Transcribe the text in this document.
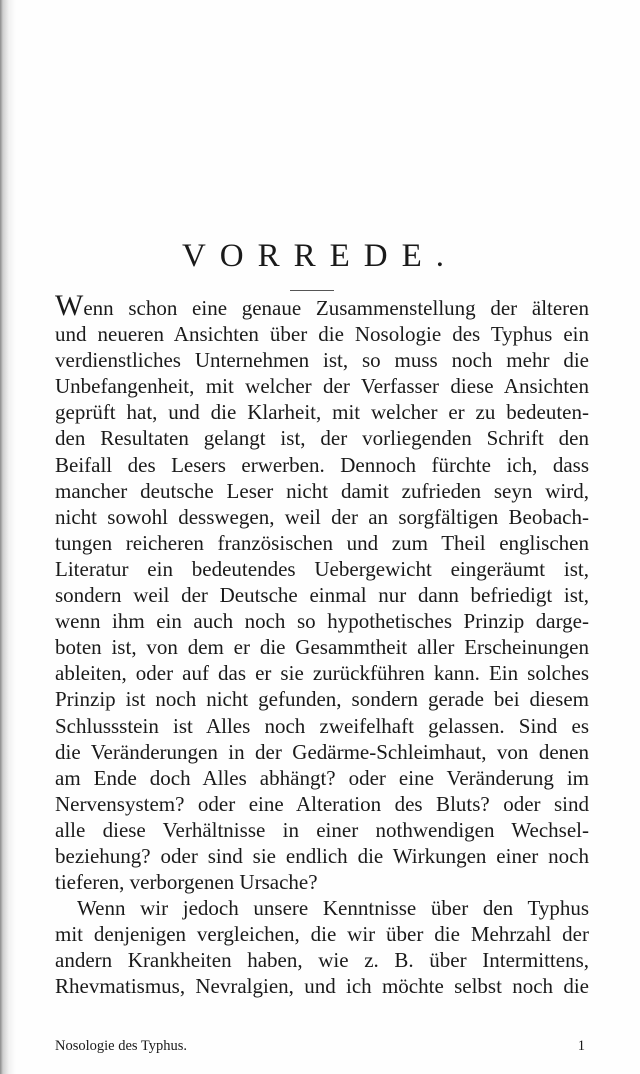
VORREDE.
Wenn schon eine genaue Zusammenstellung der älteren
und neueren Ansichten über die Nosologie des Typhus ein
verdienstliches Unternehmen ist, so muss noch mehr die
Unbefangenheit, mit welcher der Verfasser diese Ansichten
geprüft hat, und die Klarheit, mit welcher er zu bedeuten-
den Resultaten gelangt ist, der vorliegenden Schrift den
Beifall des Lesers erwerben. Dennoch fürchte ich, dass
mancher deutsche Leser nicht damit zufrieden seyn wird,
nicht sowohl desswegen, weil der an sorgfältigen Beobach-
tungen reicheren französischen und zum Theil englischen
Literatur ein bedeutendes Uebergewicht eingeräumt ist,
sondern weil der Deutsche einmal nur dann befriedigt ist,
wenn ihm ein auch noch so hypothetisches Prinzip darge-
boten ist, von dem er die Gesammtheit aller Erscheinungen
ableiten, oder auf das er sie zurückführen kann. Ein solches
Prinzip ist noch nicht gefunden, sondern gerade bei diesem
Schlussstein ist Alles noch zweifelhaft gelassen. Sind es
die Veränderungen in der Gedärme-Schleimhaut, von denen
am Ende doch Alles abhängt? oder eine Veränderung im
Nervensystem? oder eine Alteration des Bluts? oder sind
alle diese Verhältnisse in einer nothwendigen Wechsel-
beziehung? oder sind sie endlich die Wirkungen einer noch
tieferen, verborgenen Ursache?
Wenn wir jedoch unsere Kenntnisse über den Typhus
mit denjenigen vergleichen, die wir über die Mehrzahl der
andern Krankheiten haben, wie z. B. über Intermittens,
Rhevmatismus, Nevralgien, und ich möchte selbst noch die
Nosologie des Typhus.	1
